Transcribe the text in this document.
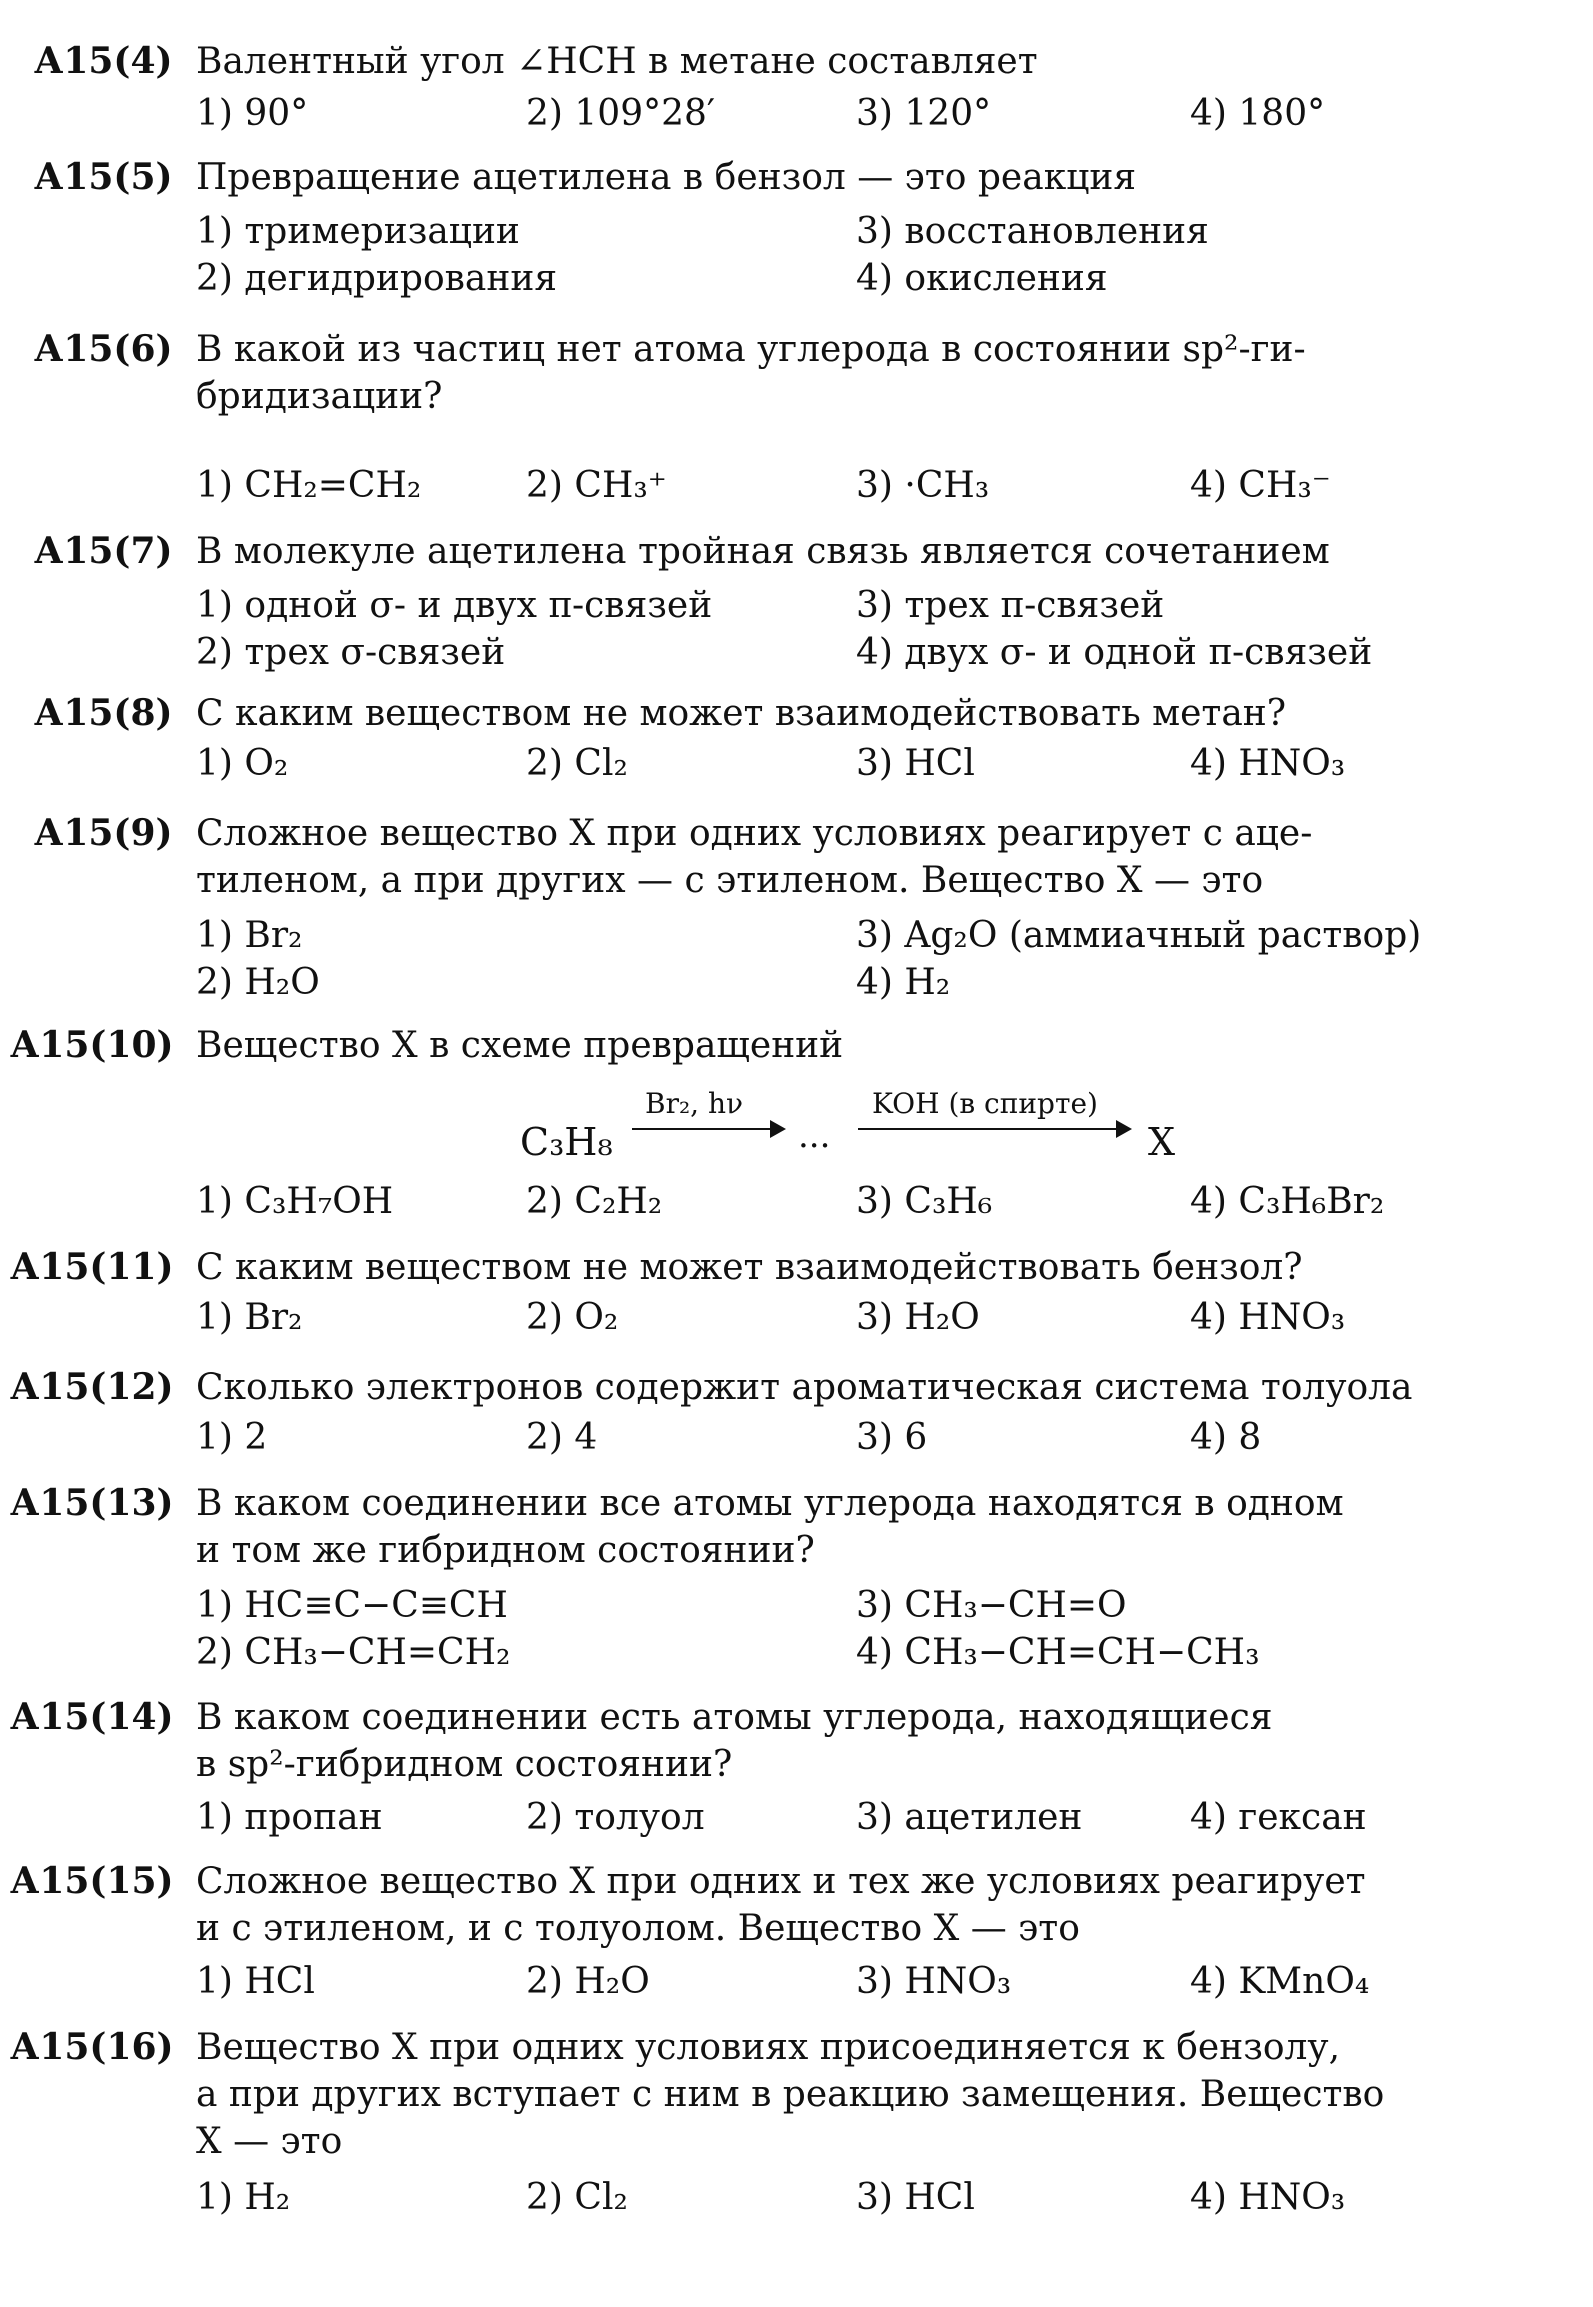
А15(4) Валентный угол ∠HCH в метане составляет
1) 90°	2) 109°28′	3) 120°	4) 180°
А15(5) Превращение ацетилена в бензол — это реакция
1) тримеризации	3) восстановления
2) дегидрирования	4) окисления
А15(6) В какой из частиц нет атома углерода в состоянии sp²-ги-
бридизации?
1) CH₂=CH₂	2) CH₃⁺	3) ·CH₃	4) CH₃⁻
А15(7) В молекуле ацетилена тройная связь является сочетанием
1) одной σ- и двух π-связей	3) трех π-связей
2) трех σ-связей	4) двух σ- и одной π-связей
А15(8) С каким веществом не может взаимодействовать метан?
1) O₂	2) Cl₂	3) HCl	4) HNO₃
А15(9) Сложное вещество X при одних условиях реагирует с аце-
тиленом, а при других — с этиленом. Вещество X — это
1) Br₂	3) Ag₂O (аммиачный раствор)
2) H₂O	4) H₂
А15(10) Вещество X в схеме превращений
C₃H₈
Br₂, hν
...
KOH (в спирте)
X
1) C₃H₇OH	2) C₂H₂	3) C₃H₆	4) C₃H₆Br₂
А15(11) С каким веществом не может взаимодействовать бензол?
1) Br₂	2) O₂	3) H₂O	4) HNO₃
А15(12) Сколько электронов содержит ароматическая система толуола
1) 2	2) 4	3) 6	4) 8
А15(13) В каком соединении все атомы углерода находятся в одном
и том же гибридном состоянии?
1) HC≡C−C≡CH	3) CH₃−CH=O
2) CH₃−CH=CH₂	4) CH₃−CH=CH−CH₃
А15(14) В каком соединении есть атомы углерода, находящиеся
в sp²-гибридном состоянии?
1) пропан	2) толуол	3) ацетилен	4) гексан
А15(15) Сложное вещество X при одних и тех же условиях реагирует
и с этиленом, и с толуолом. Вещество X — это
1) HCl	2) H₂O	3) HNO₃	4) KMnO₄
А15(16) Вещество X при одних условиях присоединяется к бензолу,
а при других вступает с ним в реакцию замещения. Вещество
X — это
1) H₂	2) Cl₂	3) HCl	4) HNO₃
